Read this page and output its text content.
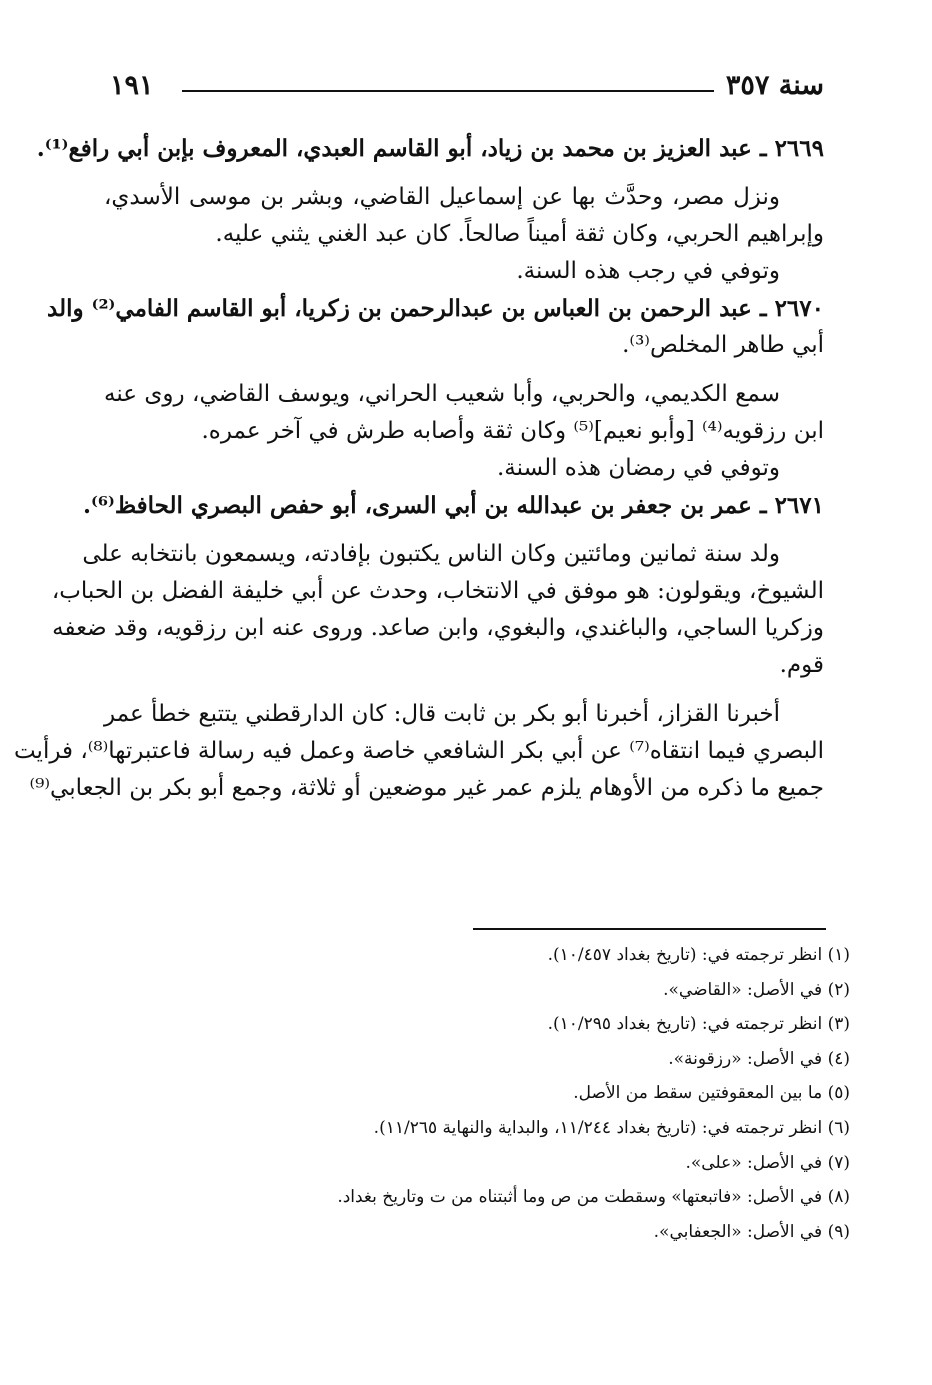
سنة ٣٥٧
١٩١
٢٦٦٩ ـ عبد العزيز بن محمد بن زياد، أبو القاسم العبدي، المعروف بإبن أبي رافع⁽¹⁾.
ونزل مصر، وحدَّث بها عن إسماعيل القاضي، وبشر بن موسى الأسدي،
وإبراهيم الحربي، وكان ثقة أميناً صالحاً. كان عبد الغني يثني عليه.
وتوفي في رجب هذه السنة.
٢٦٧٠ ـ عبد الرحمن بن العباس بن عبدالرحمن بن زكريا، أبو القاسم الفامي⁽²⁾ والد
أبي طاهر المخلص⁽³⁾.
سمع الكديمي، والحربي، وأبا شعيب الحراني، ويوسف القاضي، روى عنه
ابن رزقويه⁽⁴⁾ [وأبو نعيم]⁽⁵⁾ وكان ثقة وأصابه طرش في آخر عمره.
وتوفي في رمضان هذه السنة.
٢٦٧١ ـ عمر بن جعفر بن عبدالله بن أبي السرى، أبو حفص البصري الحافظ⁽⁶⁾.
ولد سنة ثمانين ومائتين وكان الناس يكتبون بإفادته، ويسمعون بانتخابه على
الشيوخ، ويقولون: هو موفق في الانتخاب، وحدث عن أبي خليفة الفضل بن الحباب،
وزكريا الساجي، والباغندي، والبغوي، وابن صاعد. وروى عنه ابن رزقويه، وقد ضعفه
قوم.
أخبرنا القزاز، أخبرنا أبو بكر بن ثابت قال: كان الدارقطني يتتبع خطأ عمر
البصري فيما انتقاه⁽⁷⁾ عن أبي بكر الشافعي خاصة وعمل فيه رسالة فاعتبرتها⁽⁸⁾، فرأيت
جميع ما ذكره من الأوهام يلزم عمر غير موضعين أو ثلاثة، وجمع أبو بكر بن الجعابي⁽⁹⁾
(١) انظر ترجمته في: (تاريخ بغداد ١٠/٤٥٧).
(٢) في الأصل: «القاضي».
(٣) انظر ترجمته في: (تاريخ بغداد ١٠/٢٩٥).
(٤) في الأصل: «رزقونة».
(٥) ما بين المعقوفتين سقط من الأصل.
(٦) انظر ترجمته في: (تاريخ بغداد ١١/٢٤٤، والبداية والنهاية ١١/٢٦٥).
(٧) في الأصل: «على».
(٨) في الأصل: «فاتبعتها» وسقطت من ص وما أثبتناه من ت وتاريخ بغداد.
(٩) في الأصل: «الجعفابي».
